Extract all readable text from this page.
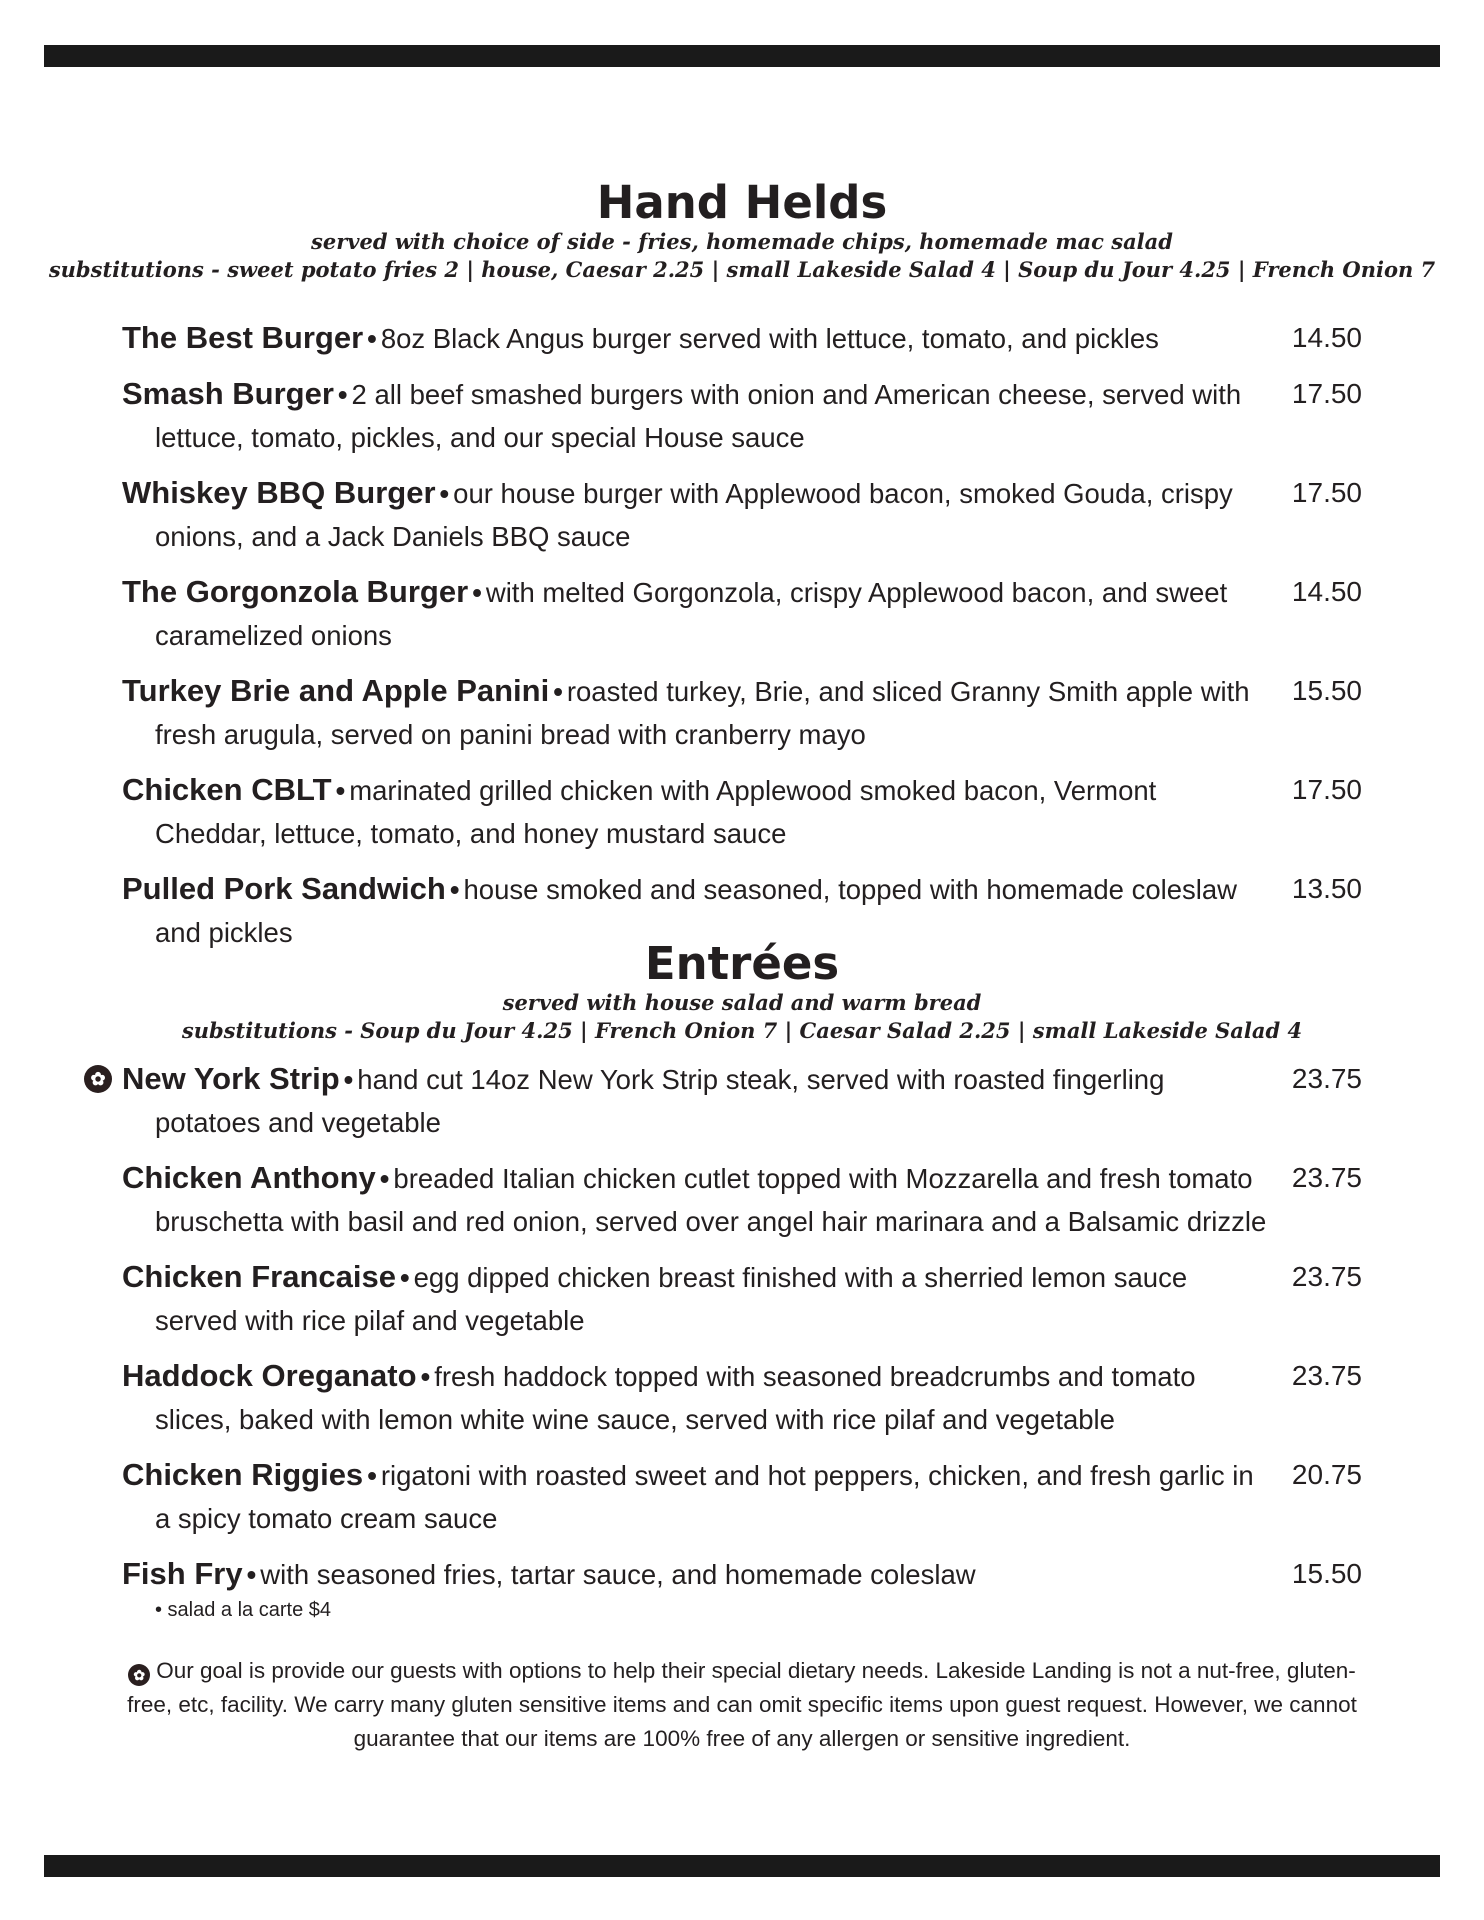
Hand Helds
served with choice of side - fries, homemade chips, homemade mac salad
substitutions - sweet potato fries 2 | house, Caesar 2.25 | small Lakeside Salad 4 | Soup du Jour 4.25 | French Onion 7
The Best Burger • 8oz Black Angus burger served with lettuce, tomato, and pickles	14.50
Smash Burger • 2 all beef smashed burgers with onion and American cheese, served with lettuce, tomato, pickles, and our special House sauce
17.50
Whiskey BBQ Burger • our house burger with Applewood bacon, smoked Gouda, crispy onions, and a Jack Daniels BBQ sauce
17.50
The Gorgonzola Burger • with melted Gorgonzola, crispy Applewood bacon, and sweet caramelized onions
14.50
Turkey Brie and Apple Panini • roasted turkey, Brie, and sliced Granny Smith apple with fresh arugula, served on panini bread with cranberry mayo
15.50
Chicken CBLT • marinated grilled chicken with Applewood smoked bacon, Vermont Cheddar, lettuce, tomato, and honey mustard sauce
17.50
Pulled Pork Sandwich • house smoked and seasoned, topped with homemade coleslaw and pickles
13.50
Entrées
served with house salad and warm bread
substitutions - Soup du Jour 4.25 | French Onion 7 | Caesar Salad 2.25 | small Lakeside Salad 4
✿ New York Strip • hand cut 14oz New York Strip steak, served with roasted fingerling potatoes and vegetable
23.75
Chicken Anthony • breaded Italian chicken cutlet topped with Mozzarella and fresh tomato bruschetta with basil and red onion, served over angel hair marinara and a Balsamic drizzle
23.75
Chicken Francaise • egg dipped chicken breast finished with a sherried lemon sauce served with rice pilaf and vegetable
23.75
Haddock Oreganato • fresh haddock topped with seasoned breadcrumbs and tomato slices, baked with lemon white wine sauce, served with rice pilaf and vegetable
23.75
Chicken Riggies • rigatoni with roasted sweet and hot peppers, chicken, and fresh garlic in a spicy tomato cream sauce
20.75
Fish Fry • with seasoned fries, tartar sauce, and homemade coleslaw	15.50
• salad a la carte $4
✿ Our goal is provide our guests with options to help their special dietary needs. Lakeside Landing is not a nut-free, gluten-free, etc, facility. We carry many gluten sensitive items and can omit specific items upon guest request. However, we cannot guarantee that our items are 100% free of any allergen or sensitive ingredient.
